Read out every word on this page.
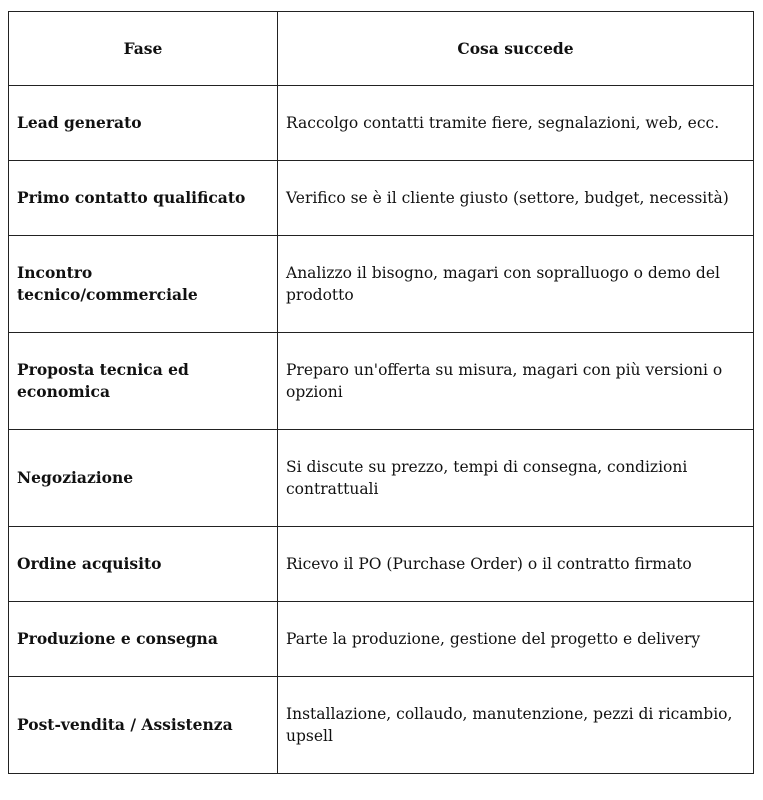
Fase	Cosa succede
Lead generato	Raccolgo contatti tramite fiere, segnalazioni, web, ecc.
Primo contatto qualificato	Verifico se è il cliente giusto (settore, budget, necessità)
Incontro tecnico/commerciale	Analizzo il bisogno, magari con sopralluogo o demo del prodotto
Proposta tecnica ed economica	Preparo un'offerta su misura, magari con più versioni o opzioni
Negoziazione	Si discute su prezzo, tempi di consegna, condizioni contrattuali
Ordine acquisito	Ricevo il PO (Purchase Order) o il contratto firmato
Produzione e consegna	Parte la produzione, gestione del progetto e delivery
Post-vendita / Assistenza	Installazione, collaudo, manutenzione, pezzi di ricambio, upsell
